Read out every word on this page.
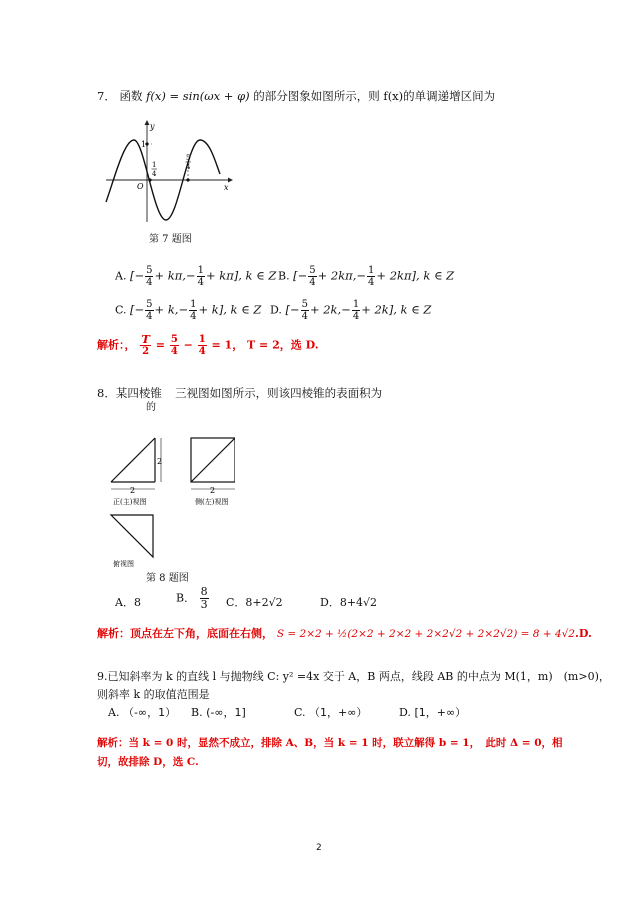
7． 函数 f(x) = sin(ωx + φ) 的部分图象如图所示，则 f(x)的单调递增区间为
y
x
O
1
1
4
5
4
第 7 题图
A. [− $\frac{5}{4} + k\pi,- \frac{1}{4} + k\pi$], k ∈ Z B. [− $\frac{5}{4} + 2k\pi,- \frac{1}{4} + 2k\pi$], k ∈ Z
C. [− $\frac{5}{4} + k,- \frac{1}{4} + k$], k ∈ Z D. [− $\frac{5}{4} + 2k,- \frac{1}{4} + 2k$], k ∈ Z
解析：， $\frac{T}{2} = \frac{5}{4} - \frac{1}{4} = 1$， T = 2，选 D.
8．某四棱锥 三视图如图所示，则该四棱锥的表面积为
的
2
2
正(主)视图
2
侧(左)视图
俯视图
第 8 题图
A．8	B． $\frac{8}{3}$ C．8+2√2	D．8+4√2
解析：顶点在左下角，底面在右侧， S = 2×2 + ½(2×2 + 2×2 + 2×2√2 + 2×2√2) = 8 + 4√2.D.
9.已知斜率为 k 的直线 l 与抛物线 C: y² =4x 交于 A，B 两点，线段 AB 的中点为 M(1，m)　(m>0)，
则斜率 k 的取值范围是
A. （-∞，1） B. (-∞，1]	C. （1，+∞）	D. [1，+∞）
解析：当 k = 0 时，显然不成立，排除 A、B，当 k = 1 时，联立解得 b = 1，　此时 Δ = 0，相
切，故排除 D，选 C.
2
